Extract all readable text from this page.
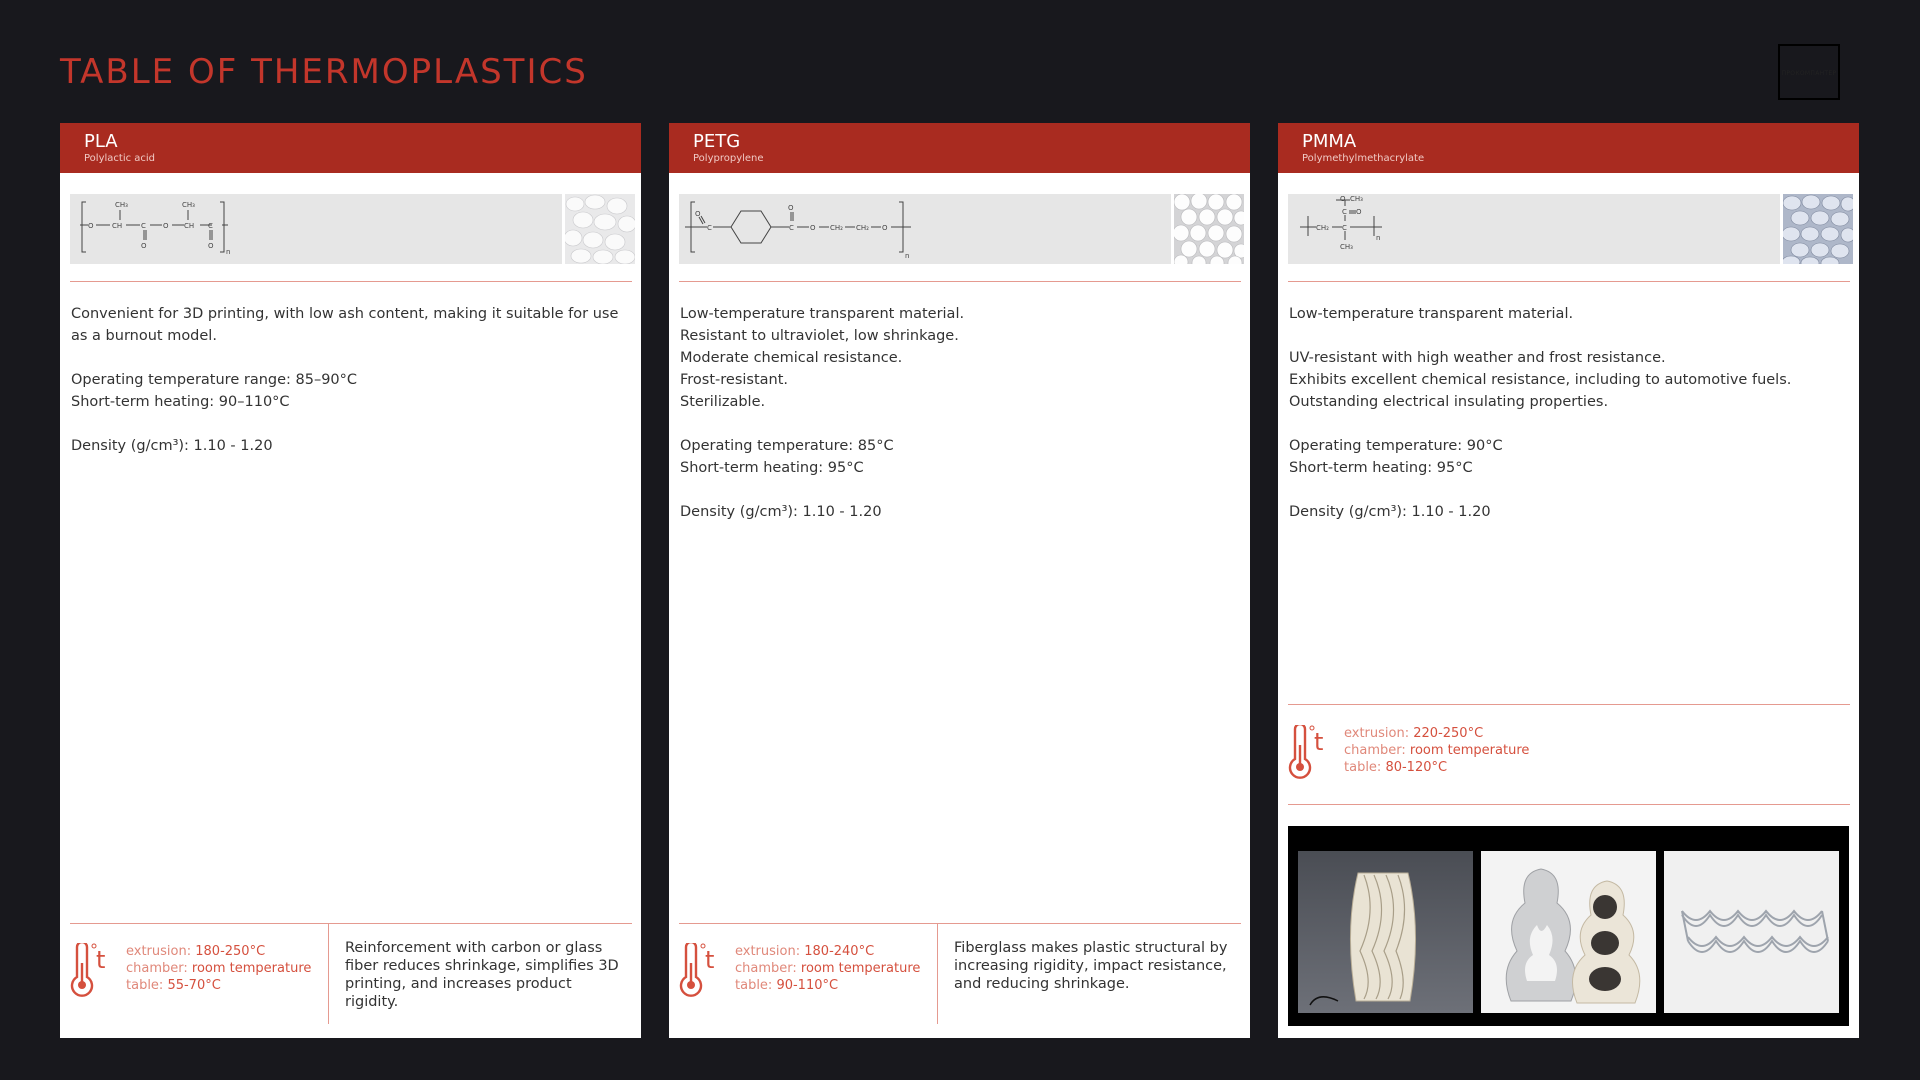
TABLE OF THERMOPLASTICS	ПРОКОМПАНТЕР
PLA
Polylactic acid
O	CH
CH₃
C
O
O CH
CH₃
C
O
n

Convenient for 3D printing, with low ash content, making it suitable for use as a burnout model.

Operating temperature range: 85–90°C

Short-term heating: 90–110°C

Density (g/cm³): 1.10 - 1.20

t extrusion: 180-250°C
chamber: room temperature
table: 55-70°C
Reinforcement with carbon or glass fiber reduces shrinkage, simplifies 3D printing, and increases product rigidity.
PETG
Polypropylene
O
C
O
C O CH₂ CH₂ O
n

Low-temperature transparent material.

Resistant to ultraviolet, low shrinkage.

Moderate chemical resistance.

Frost-resistant.

Sterilizable.

Operating temperature: 85°C

Short-term heating: 95°C

Density (g/cm³): 1.10 - 1.20

t extrusion: 180-240°C
chamber: room temperature
table: 90-110°C
Fiberglass makes plastic structural by increasing rigidity, impact resistance, and reducing shrinkage.
PMMA
Polymethylmethacrylate
CH₂ C
C O
O CH₃
CH₃
n

Low-temperature transparent material.

UV-resistant with high weather and frost resistance.

Exhibits excellent chemical resistance, including to automotive fuels.

Outstanding electrical insulating properties.

Operating temperature: 90°C

Short-term heating: 95°C

Density (g/cm³): 1.10 - 1.20

t extrusion: 220-250°C
chamber: room temperature
table: 80-120°C
